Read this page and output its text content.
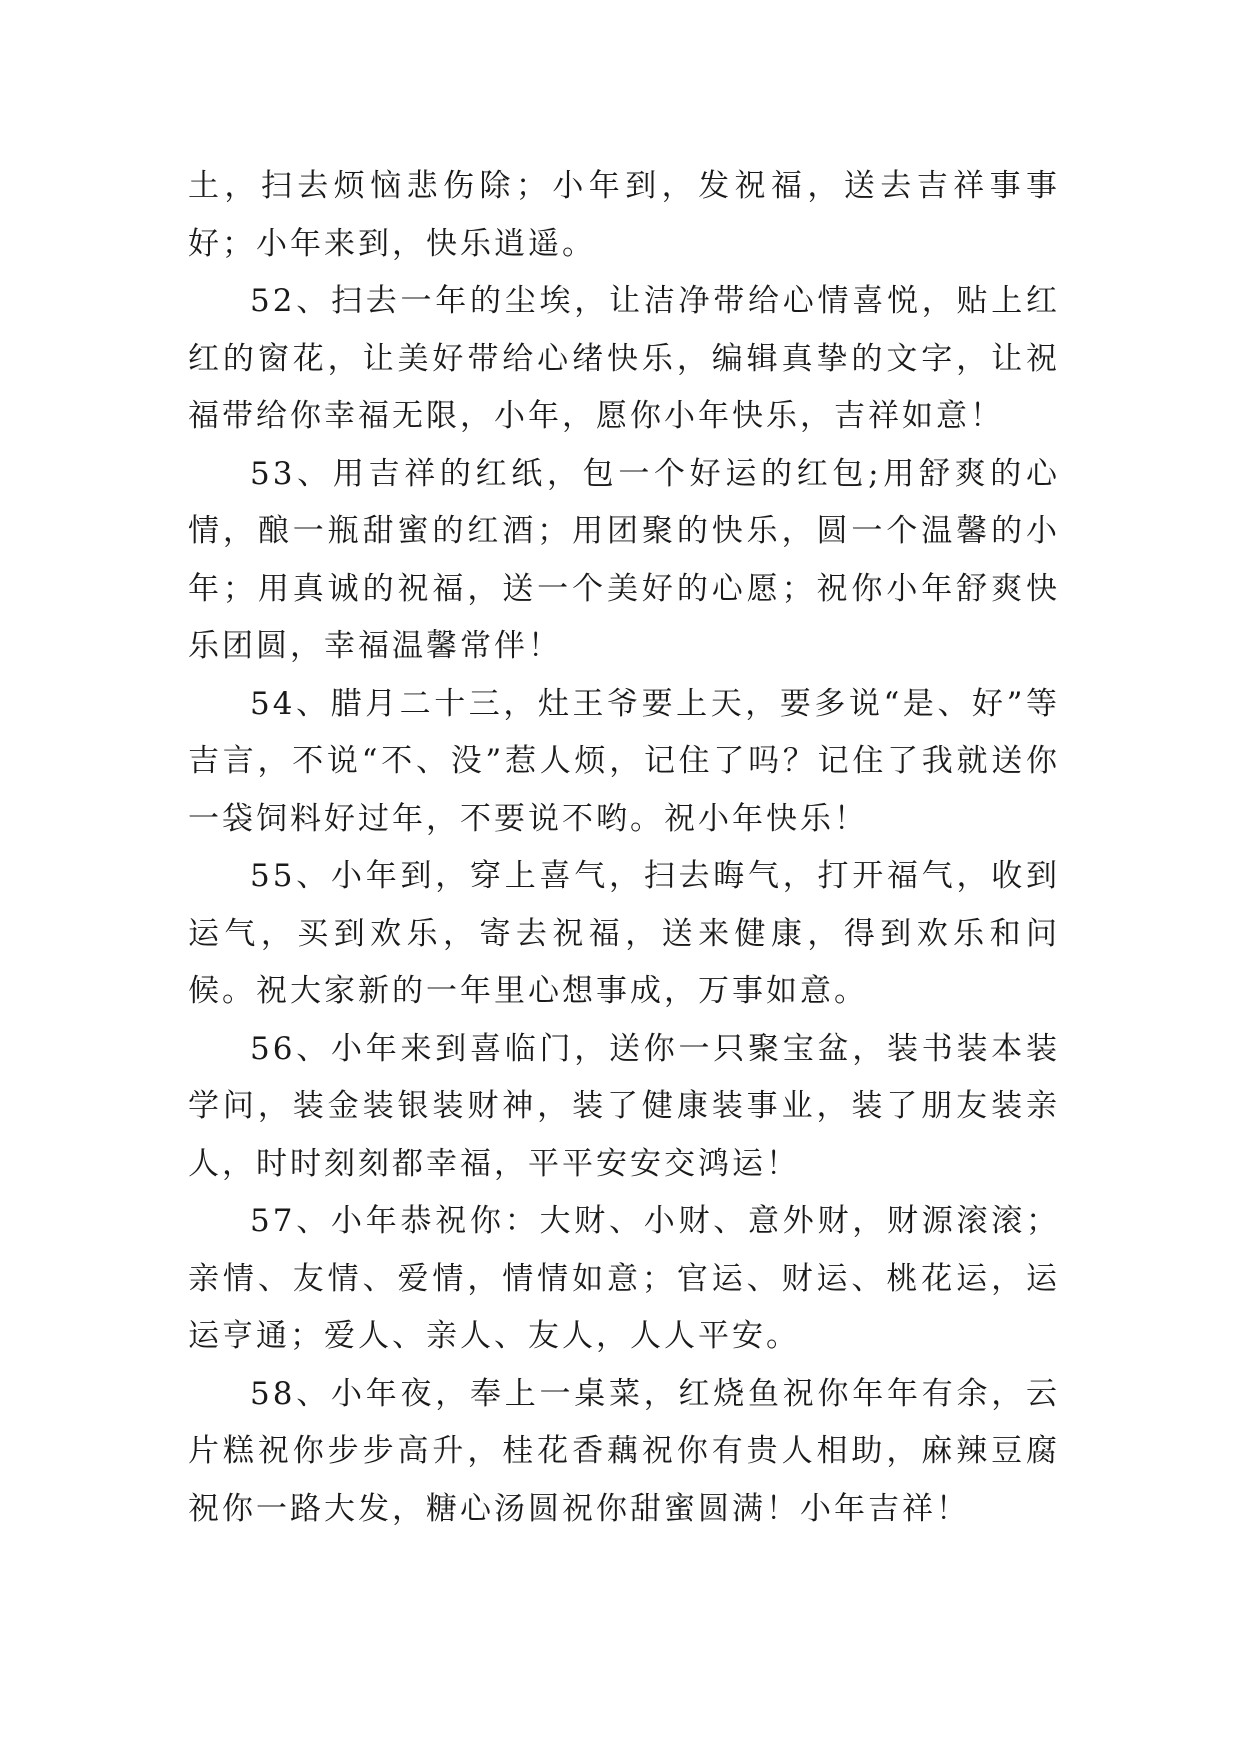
土，扫去烦恼悲伤除；小年到，发祝福，送去吉祥事事好；小年来到，快乐逍遥。

52、扫去一年的尘埃，让洁净带给心情喜悦，贴上红红的窗花，让美好带给心绪快乐，编辑真挚的文字，让祝福带给你幸福无限，小年，愿你小年快乐，吉祥如意！

53、用吉祥的红纸，包一个好运的红包;用舒爽的心情，酿一瓶甜蜜的红酒；用团聚的快乐，圆一个温馨的小年；用真诚的祝福，送一个美好的心愿；祝你小年舒爽快乐团圆，幸福温馨常伴！

54、腊月二十三，灶王爷要上天，要多说“是、好”等吉言，不说“不、没”惹人烦，记住了吗？记住了我就送你一袋饲料好过年，不要说不哟。祝小年快乐！

55、小年到，穿上喜气，扫去晦气，打开福气，收到运气，买到欢乐，寄去祝福，送来健康，得到欢乐和问候。祝大家新的一年里心想事成，万事如意。

56、小年来到喜临门，送你一只聚宝盆，装书装本装学问，装金装银装财神，装了健康装事业，装了朋友装亲人，时时刻刻都幸福，平平安安交鸿运！

57、小年恭祝你：大财、小财、意外财，财源滚滚；亲情、友情、爱情，情情如意；官运、财运、桃花运，运运亨通；爱人、亲人、友人，人人平安。

58、小年夜，奉上一桌菜，红烧鱼祝你年年有余，云片糕祝你步步高升，桂花香藕祝你有贵人相助，麻辣豆腐祝你一路大发，糖心汤圆祝你甜蜜圆满！小年吉祥！
